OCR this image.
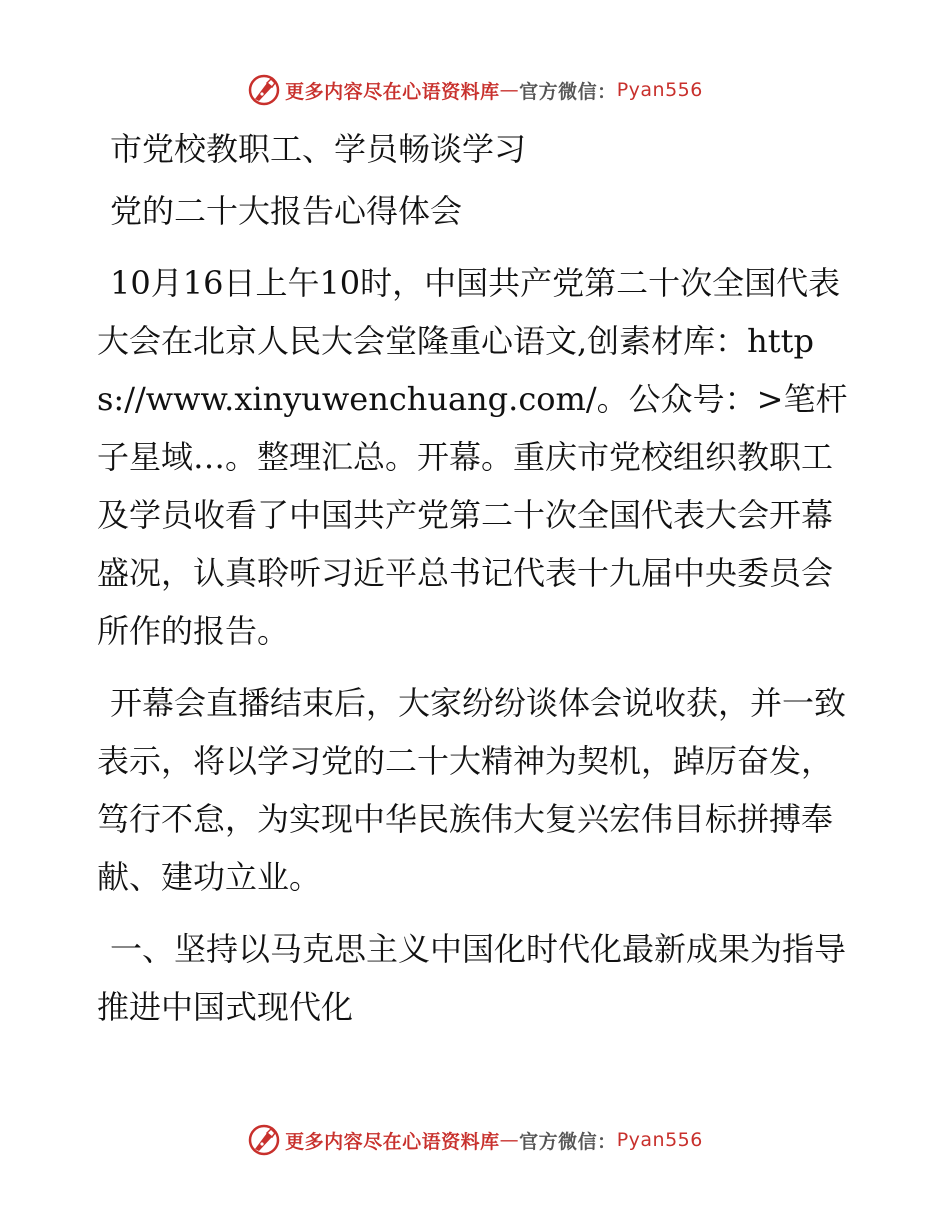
更多内容尽在心语资料库 — 官方微信： Pyan556

市党校教职工、学员畅谈学习

党的二十大报告心得体会

10月16日上午10时，中国共产党第二十次全国代表大会在北京人民大会堂隆重心语文,创素材库：https://www.xinyuwenchuang.com/。公众号：>笔杆子星域…。整理汇总。开幕。重庆市党校组织教职工及学员收看了中国共产党第二十次全国代表大会开幕盛况，认真聆听习近平总书记代表十九届中央委员会所作的报告。

开幕会直播结束后，大家纷纷谈体会说收获，并一致表示，将以学习党的二十大精神为契机，踔厉奋发，笃行不怠，为实现中华民族伟大复兴宏伟目标拼搏奉献、建功立业。

一、坚持以马克思主义中国化时代化最新成果为指导推进中国式现代化

更多内容尽在心语资料库 — 官方微信： Pyan556
